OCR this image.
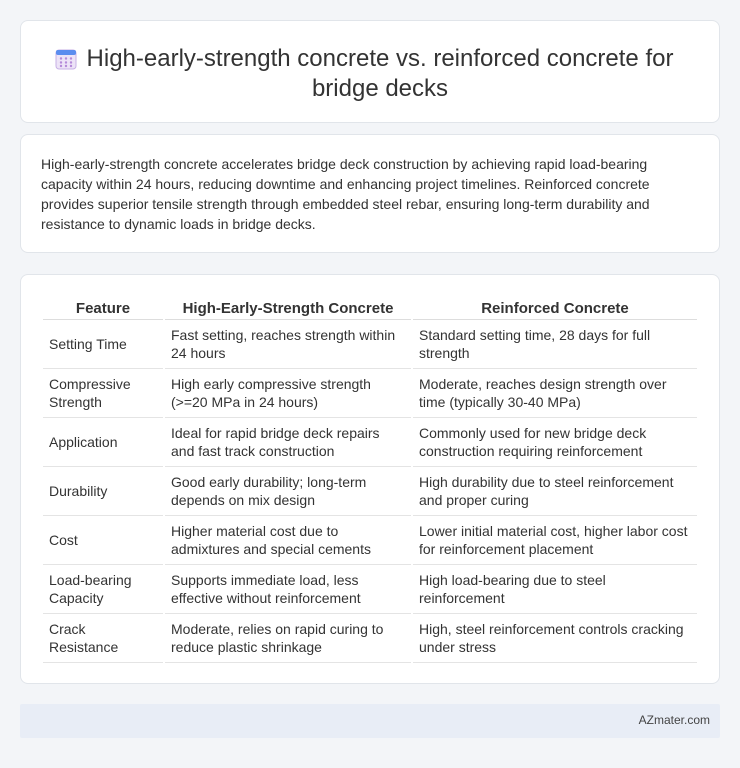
High-early-strength concrete vs. reinforced concrete for bridge decks

High-early-strength concrete accelerates bridge deck construction by achieving rapid load-bearing capacity within 24 hours, reducing downtime and enhancing project timelines. Reinforced concrete provides superior tensile strength through embedded steel rebar, ensuring long-term durability and resistance to dynamic loads in bridge decks.

Feature	High-Early-Strength Concrete	Reinforced Concrete
Setting Time	Fast setting, reaches strength within 24 hours	Standard setting time, 28 days for full strength
Compressive Strength	High early compressive strength (>=20 MPa in 24 hours)	Moderate, reaches design strength over time (typically 30-40 MPa)
Application	Ideal for rapid bridge deck repairs and fast track construction	Commonly used for new bridge deck construction requiring reinforcement
Durability	Good early durability; long-term depends on mix design	High durability due to steel reinforcement and proper curing
Cost	Higher material cost due to admixtures and special cements	Lower initial material cost, higher labor cost for reinforcement placement
Load-bearing Capacity	Supports immediate load, less effective without reinforcement	High load-bearing due to steel reinforcement
Crack Resistance	Moderate, relies on rapid curing to reduce plastic shrinkage	High, steel reinforcement controls cracking under stress
AZmater.com
